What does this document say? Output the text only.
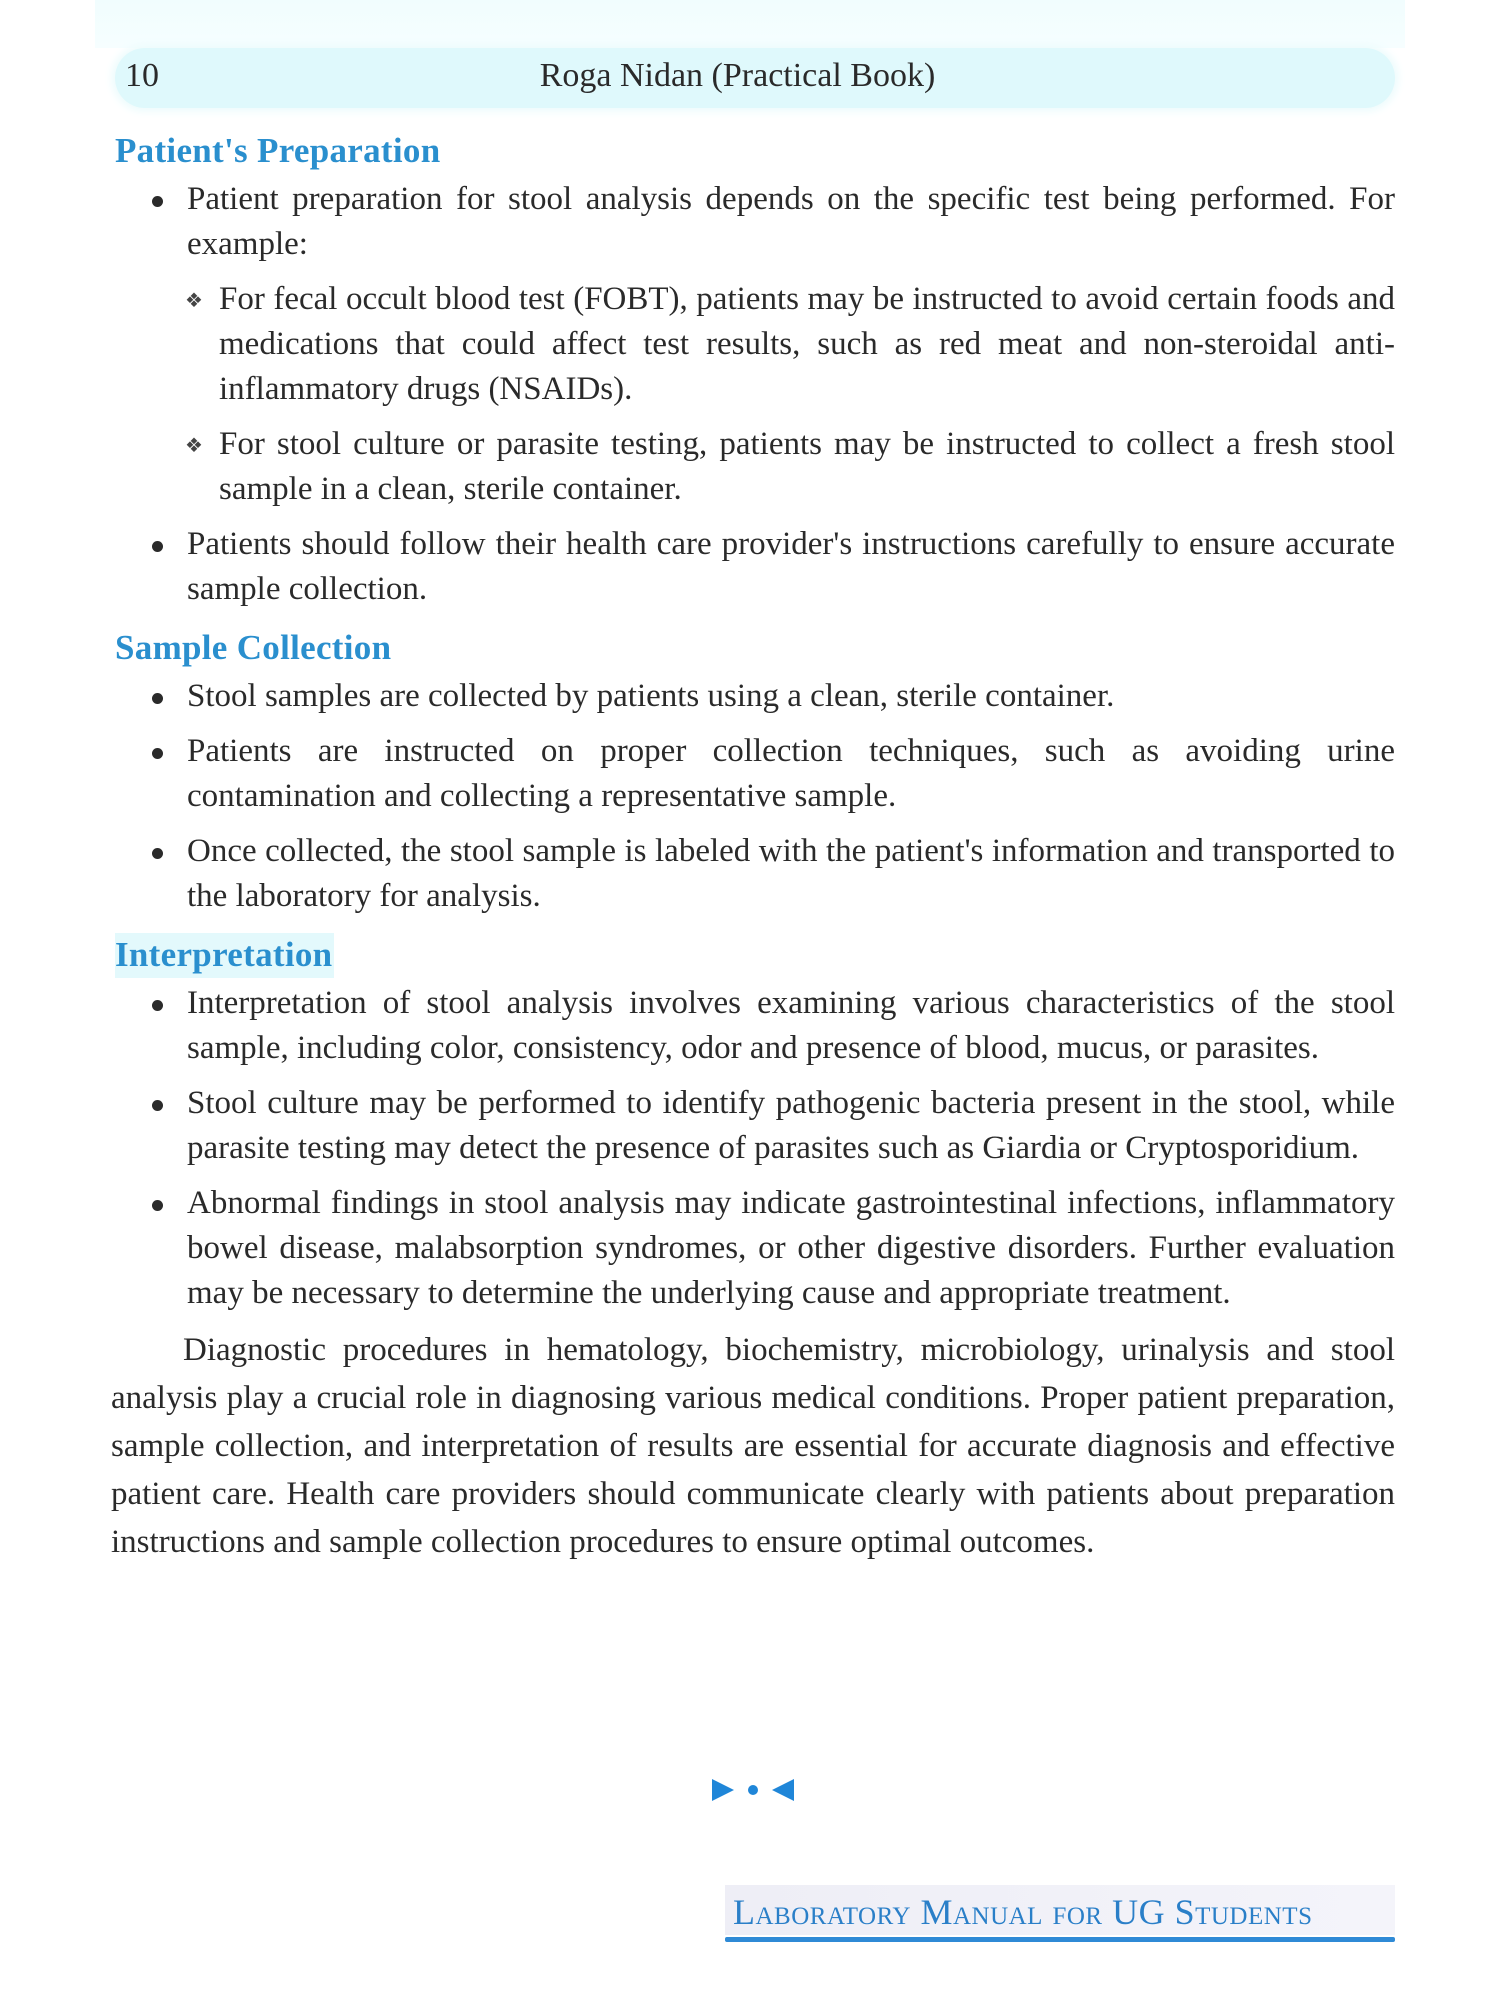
10	Roga Nidan (Practical Book)
Patient's Preparation
Patient preparation for stool analysis depends on the specific test being performed. For example:
❖ For fecal occult blood test (FOBT), patients may be instructed to avoid certain foods and medications that could affect test results, such as red meat and non-steroidal anti-inflammatory drugs (NSAIDs).
❖ For stool culture or parasite testing, patients may be instructed to collect a fresh stool sample in a clean, sterile container.
Patients should follow their health care provider's instructions carefully to ensure accurate sample collection.
Sample Collection
Stool samples are collected by patients using a clean, sterile container.
Patients are instructed on proper collection techniques, such as avoiding urine contamination and collecting a representative sample.
Once collected, the stool sample is labeled with the patient's information and transported to the laboratory for analysis.
Interpretation
Interpretation of stool analysis involves examining various characteristics of the stool sample, including color, consistency, odor and presence of blood, mucus, or parasites.
Stool culture may be performed to identify pathogenic bacteria present in the stool, while parasite testing may detect the presence of parasites such as Giardia or Cryptosporidium.
Abnormal findings in stool analysis may indicate gastrointestinal infections, inflammatory bowel disease, malabsorption syndromes, or other digestive disorders. Further evaluation may be necessary to determine the underlying cause and appropriate treatment.

Diagnostic procedures in hematology, biochemistry, microbiology, urinalysis and stool analysis play a crucial role in diagnosing various medical conditions. Proper patient preparation, sample collection, and interpretation of results are essential for accurate diagnosis and effective patient care. Health care providers should communicate clearly with patients about preparation instructions and sample collection procedures to ensure optimal outcomes.

Laboratory Manual for UG Students
